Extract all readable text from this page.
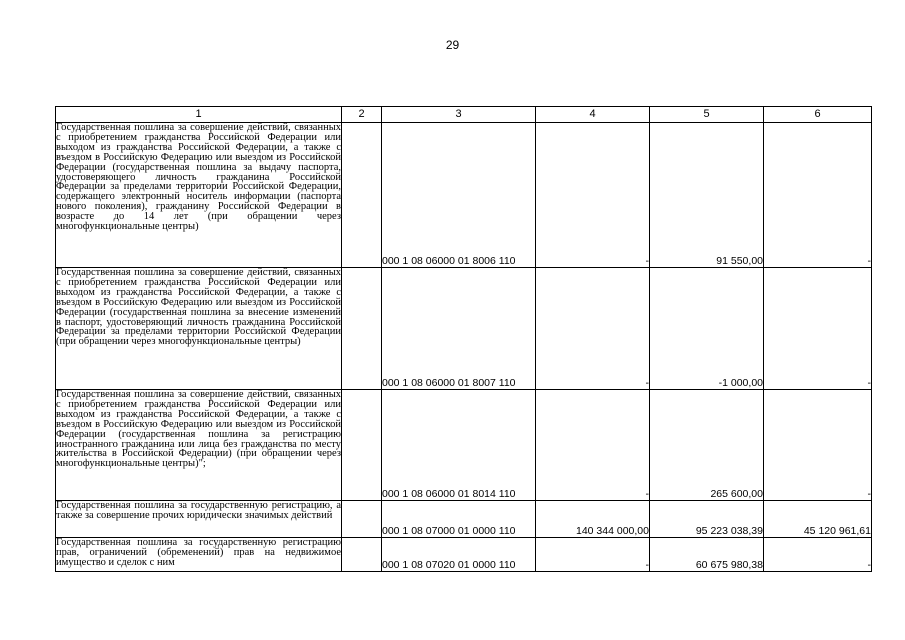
29
1	2	3	4	5	6
Государственная пошлина за совершение действий, связанных с приобретением гражданства Российской Федерации или выходом из гражданства Российской Федерации, а также с въездом в Российскую Федерацию или выездом из Российской Федерации (государственная пошлина за выдачу паспорта, удостоверяющего личность гражданина Российской Федерации за пределами территории Российской Федерации, содержащего электронный носитель информации (паспорта нового поколения), гражданину Российской Федерации в возрасте до 14 лет (при обращении через многофункциональные центры)		000 1 08 06000 01 8006 110	-	91 550,00	-
Государственная пошлина за совершение действий, связанных с приобретением гражданства Российской Федерации или выходом из гражданства Российской Федерации, а также с въездом в Российскую Федерацию или выездом из Российской Федерации (государственная пошлина за внесение изменений в паспорт, удостоверяющий личность гражданина Российской Федерации за пределами территории Российской Федерации (при обращении через многофункциональные центры)		000 1 08 06000 01 8007 110	-	-1 000,00	-
Государственная пошлина за совершение действий, связанных с приобретением гражданства Российской Федерации или выходом из гражданства Российской Федерации, а также с въездом в Российскую Федерацию или выездом из Российской Федерации (государственная пошлина за регистрацию иностранного гражданина или лица без гражданства по месту жительства в Российской Федерации) (при обращении через многофункциональные центры)";		000 1 08 06000 01 8014 110	-	265 600,00	-
Государственная пошлина за государственную регистрацию, а также за совершение прочих юридически значимых действий		000 1 08 07000 01 0000 110	140 344 000,00	95 223 038,39	45 120 961,61
Государственная пошлина за государственную регистрацию прав, ограничений (обременений) прав на недвижимое имущество и сделок с ним		000 1 08 07020 01 0000 110	-	60 675 980,38	-
